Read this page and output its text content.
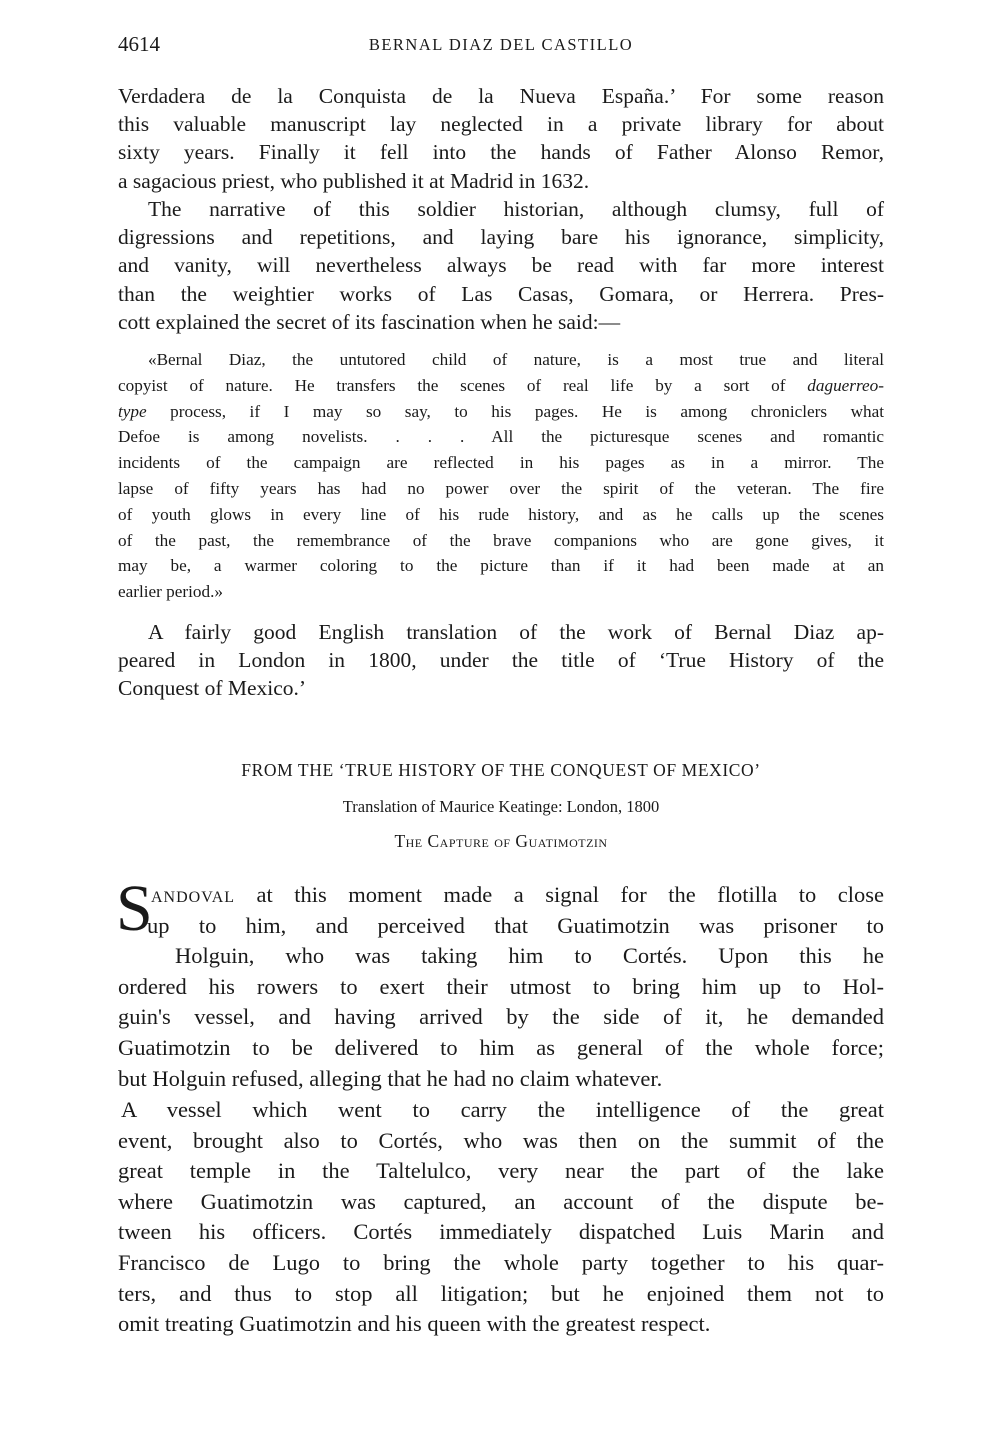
4614	BERNAL DIAZ DEL CASTILLO
Verdadera de la Conquista de la Nueva España.’ For some reason
this valuable manuscript lay neglected in a private library for about
sixty years. Finally it fell into the hands of Father Alonso Remor,
a sagacious priest, who published it at Madrid in 1632.
The narrative of this soldier historian, although clumsy, full of
digressions and repetitions, and laying bare his ignorance, simplicity,
and vanity, will nevertheless always be read with far more interest
than the weightier works of Las Casas, Gomara, or Herrera. Pres-
cott explained the secret of its fascination when he said:—
«Bernal Diaz, the untutored child of nature, is a most true and literal
copyist of nature. He transfers the scenes of real life by a sort of daguerreo-
type process, if I may so say, to his pages. He is among chroniclers what
Defoe is among novelists. . . . All the picturesque scenes and romantic
incidents of the campaign are reflected in his pages as in a mirror. The
lapse of fifty years has had no power over the spirit of the veteran. The fire
of youth glows in every line of his rude history, and as he calls up the scenes
of the past, the remembrance of the brave companions who are gone gives, it
may be, a warmer coloring to the picture than if it had been made at an
earlier period.»
A fairly good English translation of the work of Bernal Diaz ap-
peared in London in 1800, under the title of ‘True History of the
Conquest of Mexico.’
FROM THE ‘TRUE HISTORY OF THE CONQUEST OF MEXICO’
Translation of Maurice Keatinge: London, 1800
The Capture of Guatimotzin
S
andoval at this moment made a signal for the flotilla to close
up to him, and perceived that Guatimotzin was prisoner to
Holguin, who was taking him to Cortés. Upon this he
ordered his rowers to exert their utmost to bring him up to Hol-
guin's vessel, and having arrived by the side of it, he demanded
Guatimotzin to be delivered to him as general of the whole force;
but Holguin refused, alleging that he had no claim whatever.
A vessel which went to carry the intelligence of the great
event, brought also to Cortés, who was then on the summit of the
great temple in the Taltelulco, very near the part of the lake
where Guatimotzin was captured, an account of the dispute be-
tween his officers. Cortés immediately dispatched Luis Marin and
Francisco de Lugo to bring the whole party together to his quar-
ters, and thus to stop all litigation; but he enjoined them not to
omit treating Guatimotzin and his queen with the greatest respect.
